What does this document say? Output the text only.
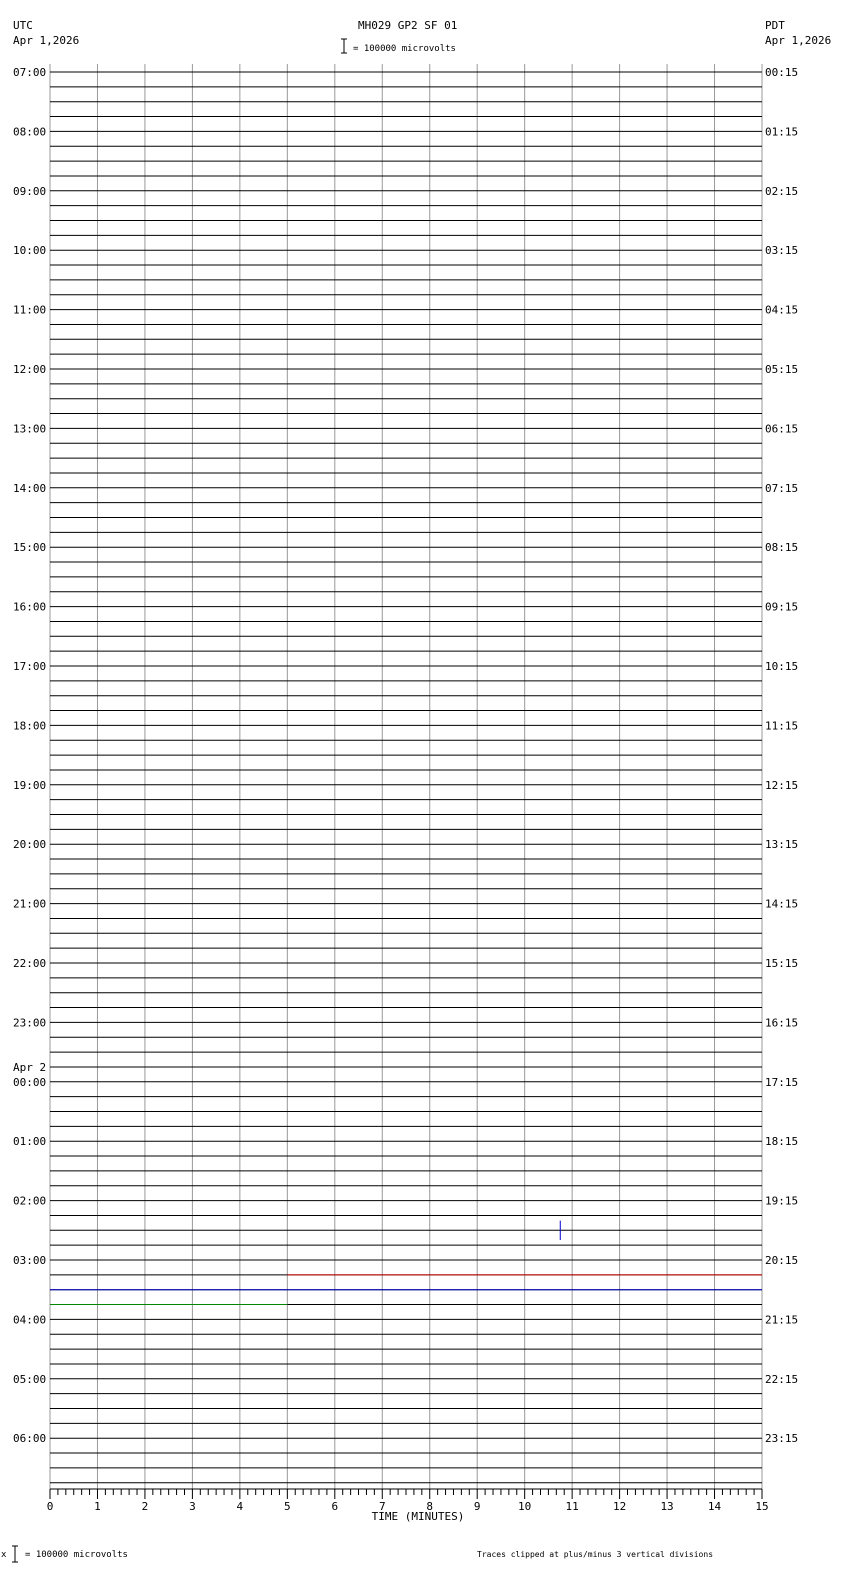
UTC
Apr 1,2026
MH029 GP2 SF 01
= 100000 microvolts
PDT
Apr 1,2026
07:00
08:00
09:00
10:00
11:00
12:00
13:00
14:00
15:00
16:00
17:00
18:00
19:00
20:00
21:00
22:00
23:00
00:00
Apr 2
01:00
02:00
03:00
04:00
05:00
06:00
00:15
01:15
02:15
03:15
04:15
05:15
06:15
07:15
08:15
09:15
10:15
11:15
12:15
13:15
14:15
15:15
16:15
17:15
18:15
19:15
20:15
21:15
22:15
23:15
0	1	2	3	4	5	6	7	8	9	10	11	12	13	14	15
TIME (MINUTES)
x = 100000 microvolts	Traces clipped at plus/minus 3 vertical divisions
